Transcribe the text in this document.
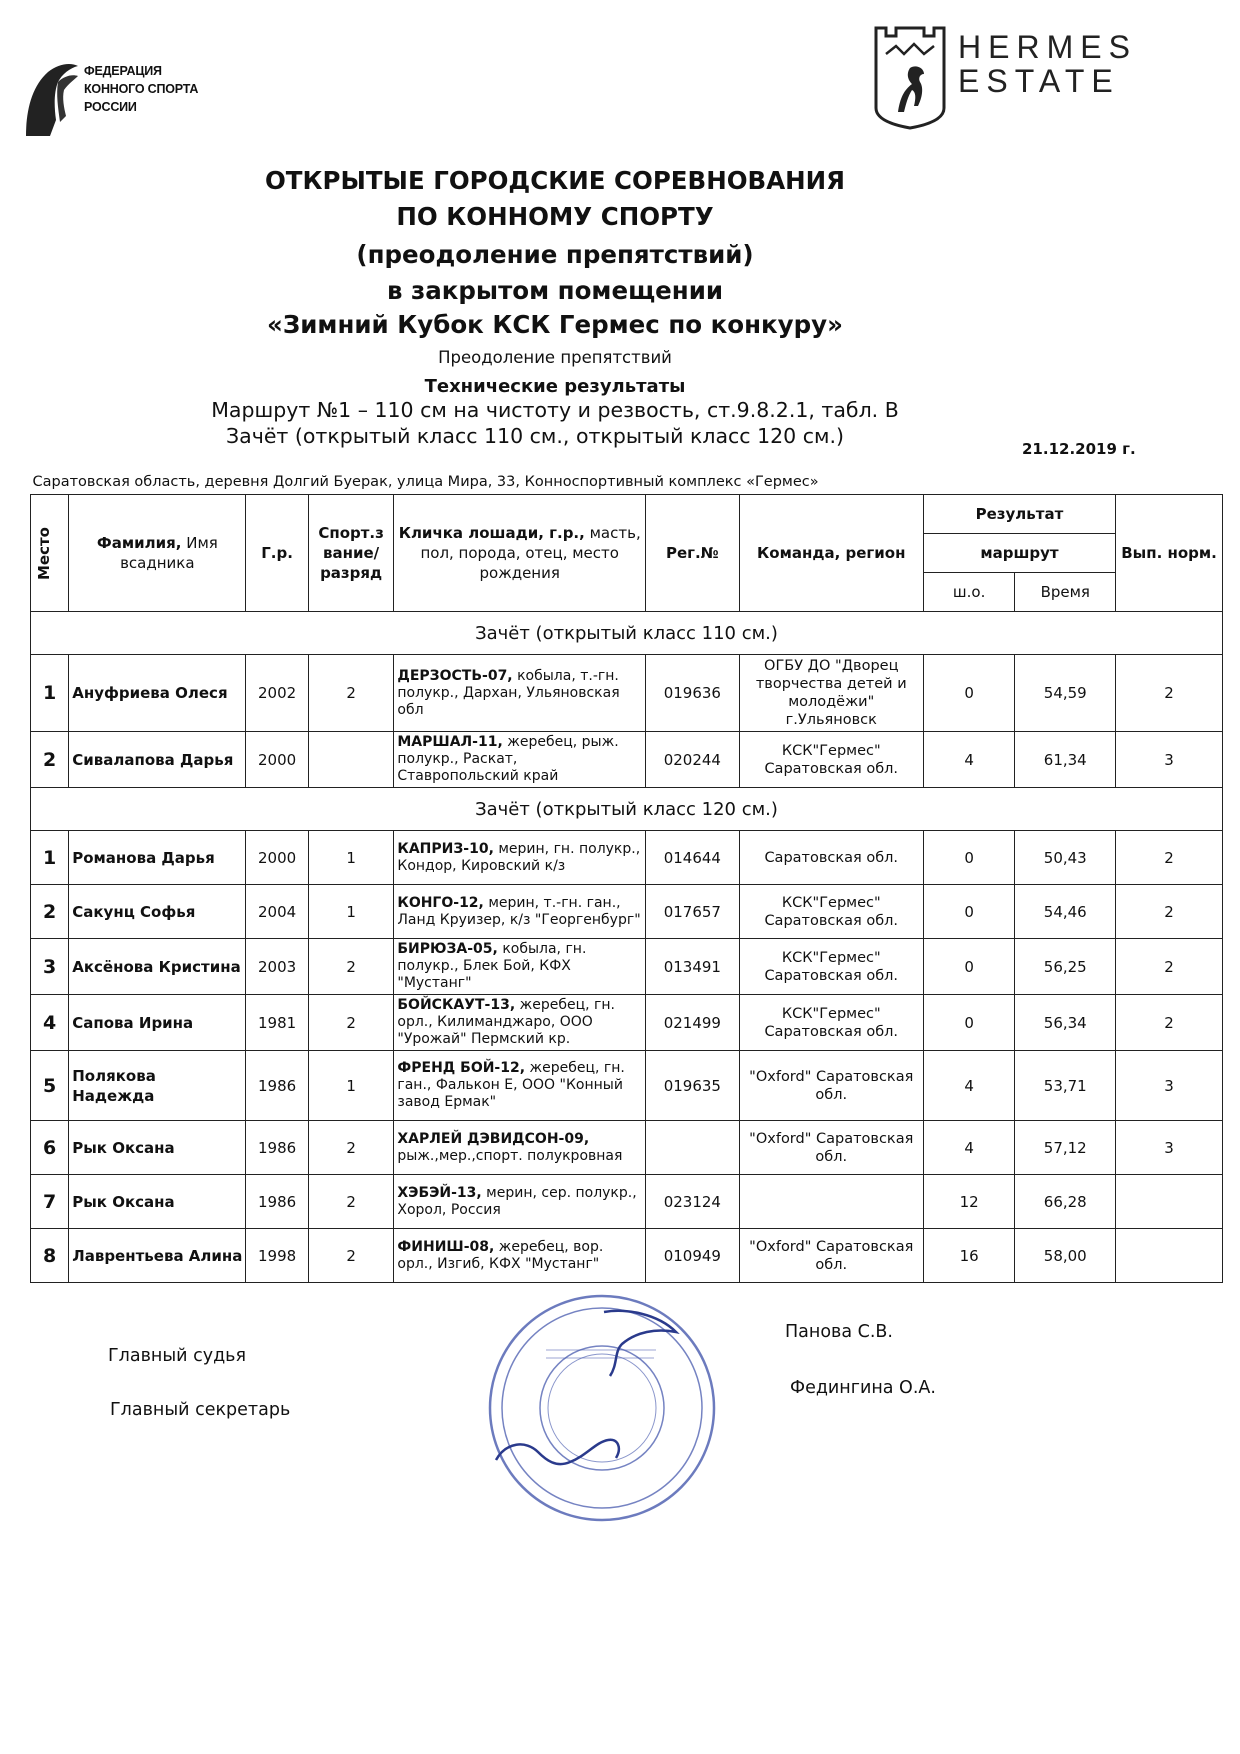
ФЕДЕРАЦИЯ
КОННОГО СПОРТА
РОССИИ
HERMES
ESTATE
ОТКРЫТЫЕ ГОРОДСКИЕ СОРЕВНОВАНИЯ
ПО КОННОМУ СПОРТУ
(преодоление препятствий)
в закрытом помещении
«Зимний Кубок КСК Гермес по конкуру»
Преодоление препятствий
Технические результаты
Маршрут №1 – 110 см на чистоту и резвость, ст.9.8.2.1, табл. В
Зачёт (открытый класс 110 см., открытый класс 120 см.)
21.12.2019 г.
Саратовская область, деревня Долгий Буерак, улица Мира, 33, Конноспортивный комплекс «Гермес»									

Место	Фамилия, Имя всадника	Г.р.	Спорт.з вание/ разряд	Кличка лошади, г.р., масть, пол, порода, отец, место рождения	Рег.№	Команда, регион	Результат		Вып. норм.
							маршрут		
							ш.о.	Время	
Зачёт (открытый класс 110 см.)									
1	Ануфриева Олеся	2002	2	ДЕРЗОСТЬ-07, кобыла, т.-гн. полукр., Дархан, Ульяновская обл	019636	ОГБУ ДО "Дворец творчества детей и молодёжи" г.Ульяновск	0	54,59	2
2	Сивалапова Дарья	2000		МАРШАЛ-11, жеребец, рыж. полукр., Раскат, Ставропольский край	020244	КСК"Гермес" Саратовская обл.	4	61,34	3
Зачёт (открытый класс 120 см.)									
1	Романова Дарья	2000	1	КАПРИЗ-10, мерин, гн. полукр., Кондор, Кировский к/з	014644	Саратовская обл.	0	50,43	2
2	Сакунц Софья	2004	1	КОНГО-12, мерин, т.-гн. ган., Ланд Круизер, к/з "Георгенбург"	017657	КСК"Гермес" Саратовская обл.	0	54,46	2
3	Аксёнова Кристина	2003	2	БИРЮЗА-05, кобыла, гн. полукр., Блек Бой, КФХ "Мустанг"	013491	КСК"Гермес" Саратовская обл.	0	56,25	2
4	Сапова Ирина	1981	2	БОЙСКАУТ-13, жеребец, гн. орл., Килиманджаро, ООО "Урожай" Пермский кр.	021499	КСК"Гермес" Саратовская обл.	0	56,34	2
5	Полякова Надежда	1986	1	ФРЕНД БОЙ-12, жеребец, гн. ган., Фалькон Е, ООО "Конный завод Ермак"	019635	"Oxford" Саратовская обл.	4	53,71	3
6	Рык Оксана	1986	2	ХАРЛЕЙ ДЭВИДСОН-09, рыж.,мер.,спорт. полукровная		"Oxford" Саратовская обл.	4	57,12	3
7	Рык Оксана	1986	2	ХЭБЭЙ-13, мерин, сер. полукр., Хорол, Россия	023124		12	66,28	
8	Лаврентьева Алина	1998	2	ФИНИШ-08, жеребец, вор. орл., Изгиб, КФХ "Мустанг"	010949	"Oxford" Саратовская обл.	16	58,00	
Главный судья
Главный секретарь
Панова С.В.
Федингина О.А.
